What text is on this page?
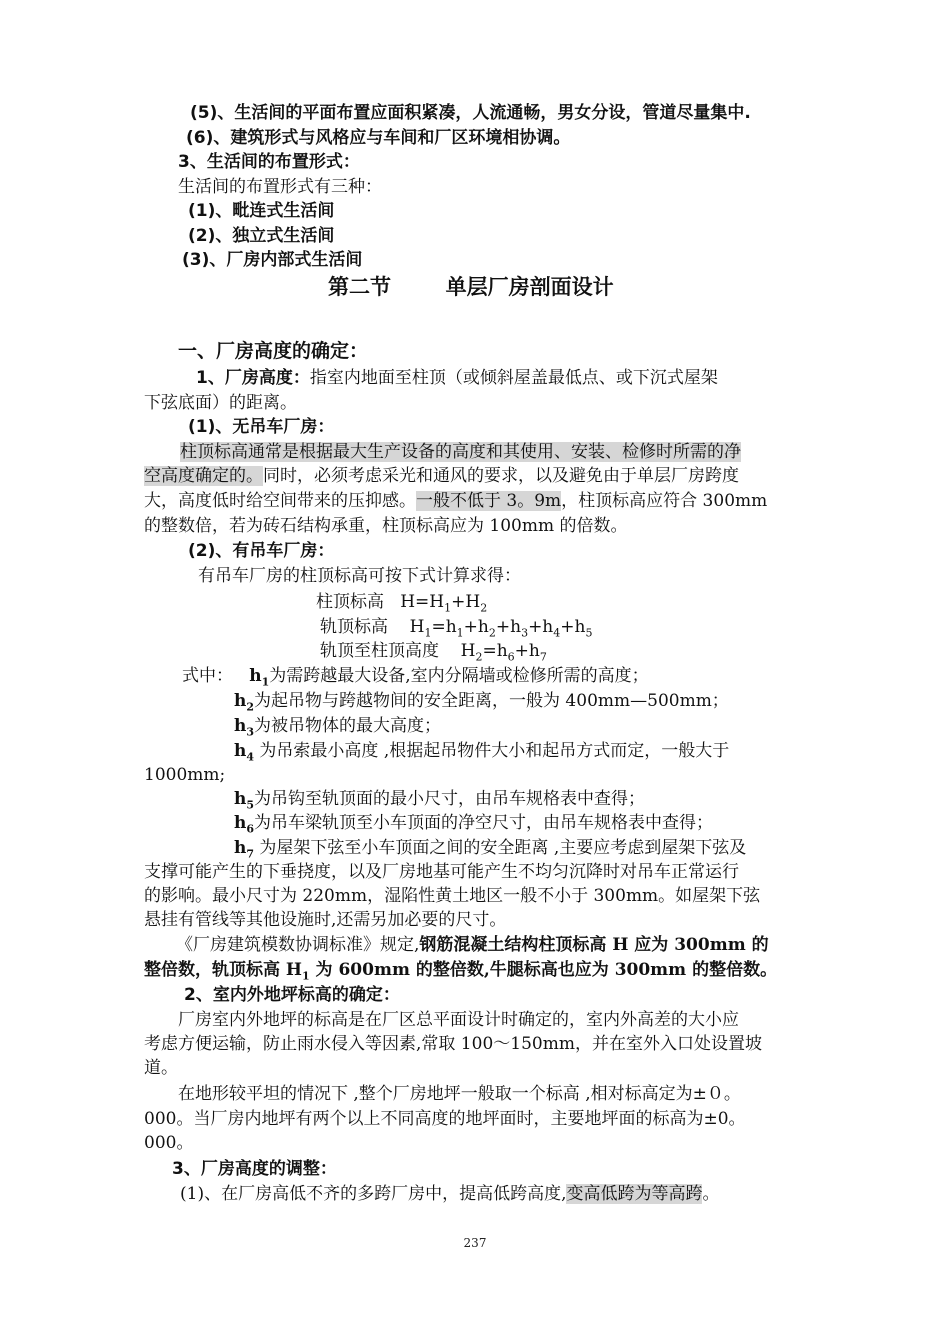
(5)、生活间的平面布置应面积紧凑，人流通畅，男女分设，管道尽量集中.
(6)、建筑形式与风格应与车间和厂区环境相协调。
3、生活间的布置形式：
生活间的布置形式有三种：
(1)、毗连式生活间
(2)、独立式生活间
(3)、厂房内部式生活间
第二节	单层厂房剖面设计
一、厂房高度的确定：
1、厂房高度：指室内地面至柱顶（或倾斜屋盖最低点、或下沉式屋架
下弦底面）的距离。
(1)、无吊车厂房：
柱顶标高通常是根据最大生产设备的高度和其使用、安装、检修时所需的净
空高度确定的。同时，必须考虑采光和通风的要求，以及避免由于单层厂房跨度
大，高度低时给空间带来的压抑感。一般不低于 3。9m，柱顶标高应符合 300mm
的整数倍，若为砖石结构承重，柱顶标高应为 100mm 的倍数。
(2)、有吊车厂房：
有吊车厂房的柱顶标高可按下式计算求得：
柱顶标高 $H=H_1+H_2$
轨顶标高 $H_1=h_1+h_2+h_3+h_4+h_5$
轨顶至柱顶高度 $H_2=h_6+h_7$
式中： $h_1$为需跨越最大设备,室内分隔墙或检修所需的高度；
$h_2$为起吊物与跨越物间的安全距离，一般为 400mm—500mm；
$h_3$为被吊物体的最大高度；
$h_4$ 为吊索最小高度 ,根据起吊物件大小和起吊方式而定，一般大于
1000mm;
$h_5$为吊钩至轨顶面的最小尺寸，由吊车规格表中查得；
$h_6$为吊车梁轨顶至小车顶面的净空尺寸，由吊车规格表中查得；
$h_7$ 为屋架下弦至小车顶面之间的安全距离 ,主要应考虑到屋架下弦及
支撑可能产生的下垂挠度，以及厂房地基可能产生不均匀沉降时对吊车正常运行
的影响。最小尺寸为 220mm，湿陷性黄土地区一般不小于 300mm。如屋架下弦
悬挂有管线等其他设施时,还需另加必要的尺寸。
《厂房建筑模数协调标准》规定,钢筋混凝土结构柱顶标高 H 应为 300mm 的
整倍数，轨顶标高 $H_1$ 为 600mm 的整倍数,牛腿标高也应为 300mm 的整倍数。
2、室内外地坪标高的确定：
厂房室内外地坪的标高是在厂区总平面设计时确定的，室内外高差的大小应
考虑方便运输，防止雨水侵入等因素,常取 100～150mm，并在室外入口处设置坡
道。
在地形较平坦的情况下 ,整个厂房地坪一般取一个标高 ,相对标高定为±０。
000。当厂房内地坪有两个以上不同高度的地坪面时，主要地坪面的标高为±0。
000。
3、厂房高度的调整：
(1)、在厂房高低不齐的多跨厂房中，提高低跨高度,变高低跨为等高跨。
237
